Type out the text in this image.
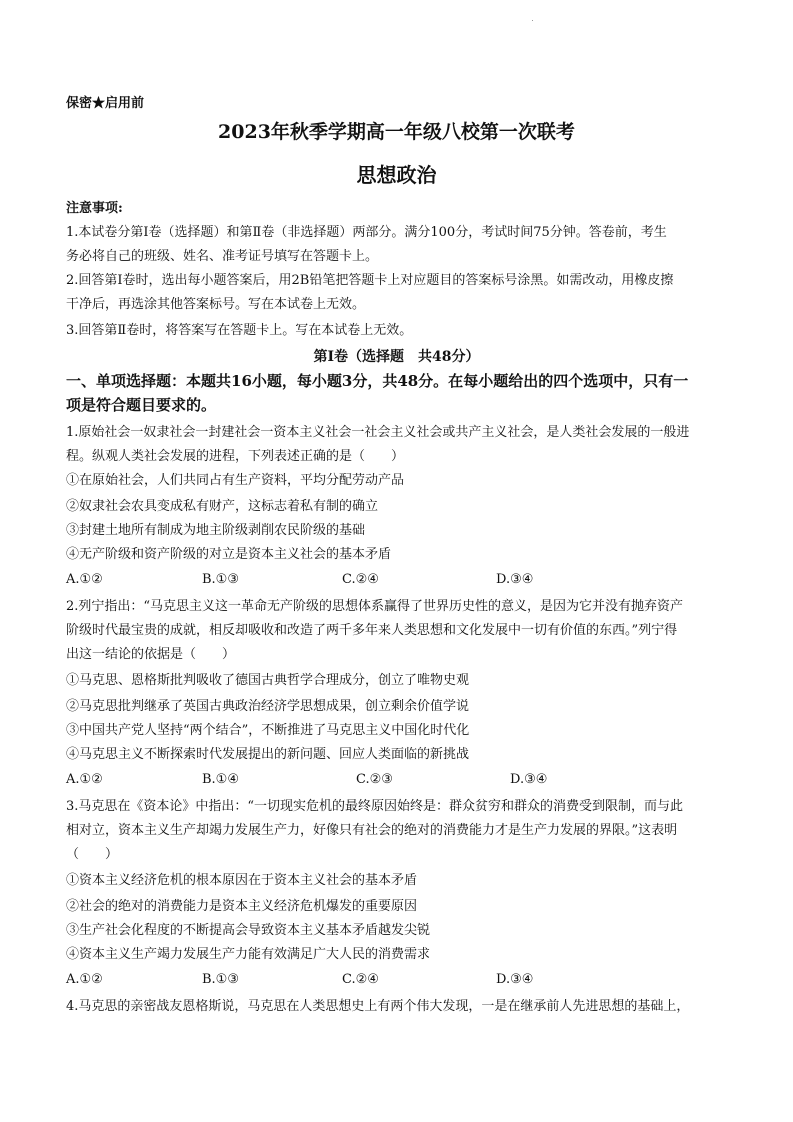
保密★启用前
2023年秋季学期高一年级八校第一次联考
思想政治
注意事项:
1.本试卷分第Ⅰ卷（选择题）和第Ⅱ卷（非选择题）两部分。满分100分，考试时间75分钟。答卷前，考生
务必将自己的班级、姓名、准考证号填写在答题卡上。
2.回答第Ⅰ卷时，选出每小题答案后，用2B铅笔把答题卡上对应题目的答案标号涂黑。如需改动，用橡皮擦
干净后，再选涂其他答案标号。写在本试卷上无效。
3.回答第Ⅱ卷时，将答案写在答题卡上。写在本试卷上无效。
第Ⅰ卷（选择题　共48分）
一、单项选择题：本题共16小题，每小题3分，共48分。在每小题给出的四个选项中，只有一
项是符合题目要求的。
1.原始社会一奴隶社会一封建社会一资本主义社会一社会主义社会或共产主义社会，是人类社会发展的一般进
程。纵观人类社会发展的进程，下列表述正确的是（　　）
①在原始社会，人们共同占有生产资料，平均分配劳动产品
②奴隶社会农具变成私有财产，这标志着私有制的确立
③封建土地所有制成为地主阶级剥削农民阶级的基础
④无产阶级和资产阶级的对立是资本主义社会的基本矛盾
A.①②	B.①③	C.②④	D.③④
2.列宁指出：“马克思主义这一革命无产阶级的思想体系赢得了世界历史性的意义，是因为它并没有抛弃资产
阶级时代最宝贵的成就，相反却吸收和改造了两千多年来人类思想和文化发展中一切有价值的东西。”列宁得
出这一结论的依据是（　　）
①马克思、恩格斯批判吸收了德国古典哲学合理成分，创立了唯物史观
②马克思批判继承了英国古典政治经济学思想成果，创立剩余价值学说
③中国共产党人坚持“两个结合”，不断推进了马克思主义中国化时代化
④马克思主义不断探索时代发展提出的新问题、回应人类面临的新挑战
A.①②	B.①④	C.②③	D.③④
3.马克思在《资本论》中指出：“一切现实危机的最终原因始终是：群众贫穷和群众的消费受到限制，而与此
相对立，资本主义生产却竭力发展生产力，好像只有社会的绝对的消费能力才是生产力发展的界限。”这表明
（　　）
①资本主义经济危机的根本原因在于资本主义社会的基本矛盾
②社会的绝对的消费能力是资本主义经济危机爆发的重要原因
③生产社会化程度的不断提高会导致资本主义基本矛盾越发尖锐
④资本主义生产竭力发展生产力能有效满足广大人民的消费需求
A.①②	B.①③	C.②④	D.③④
4.马克思的亲密战友恩格斯说，马克思在人类思想史上有两个伟大发现，一是在继承前人先进思想的基础上，
